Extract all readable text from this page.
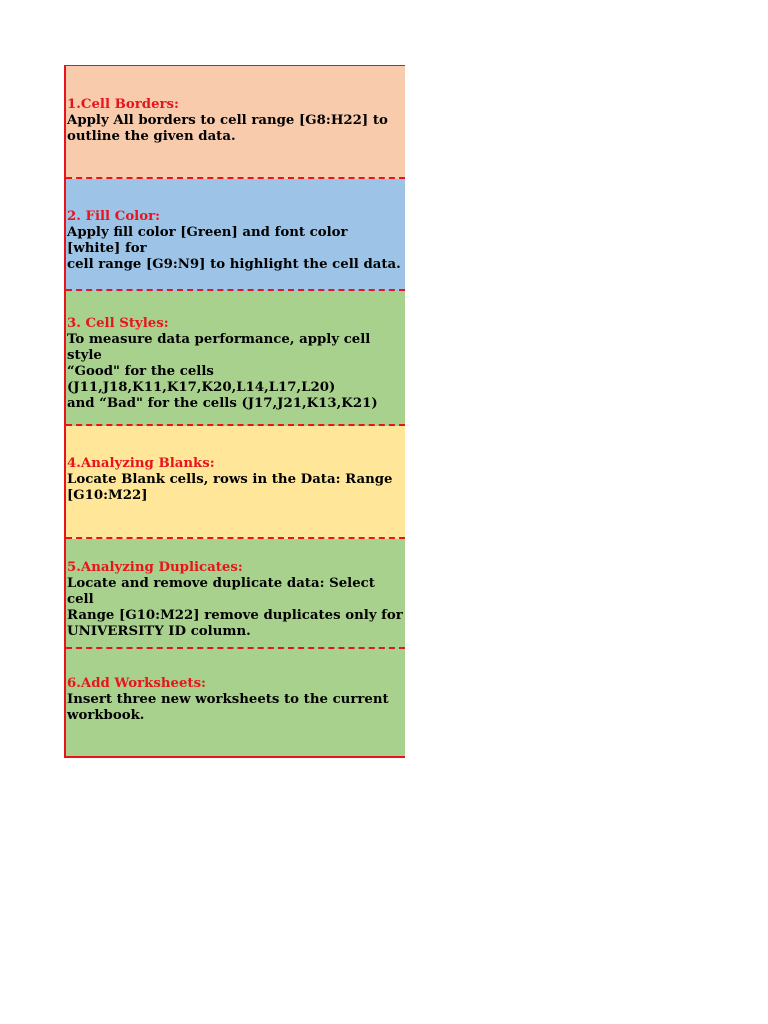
1.Cell Borders:
Apply All borders to cell range [G8:H22] to
outline the given data.
2. Fill Color:
Apply fill color [Green] and font color [white] for
cell range [G9:N9] to highlight the cell data.
3. Cell Styles:
To measure data performance, apply cell style
“Good" for the cells
(J11,J18,K11,K17,K20,L14,L17,L20)
and “Bad" for the cells (J17,J21,K13,K21)
4.Analyzing Blanks:
Locate Blank cells, rows in the Data: Range
[G10:M22]
5.Analyzing Duplicates:
Locate and remove duplicate data: Select cell
Range [G10:M22] remove duplicates only for
UNIVERSITY ID column.
6.Add Worksheets:
Insert three new worksheets to the current
workbook.
